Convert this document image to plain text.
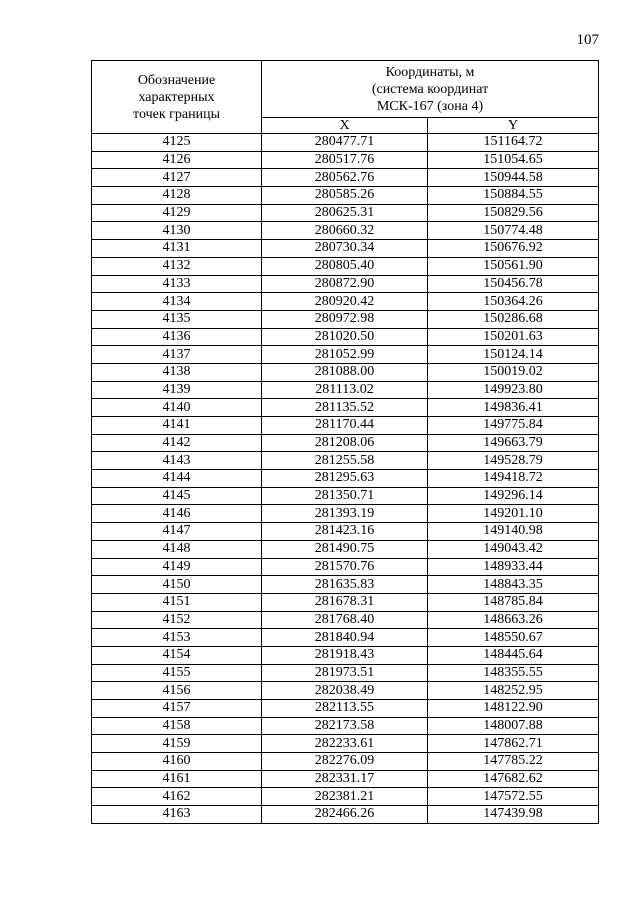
107
Обозначение
характерных
точек границы	Координаты, м
(система координат
МСК-167 (зона 4)	
	X	Y
4125	280477.71	151164.72
4126	280517.76	151054.65
4127	280562.76	150944.58
4128	280585.26	150884.55
4129	280625.31	150829.56
4130	280660.32	150774.48
4131	280730.34	150676.92
4132	280805.40	150561.90
4133	280872.90	150456.78
4134	280920.42	150364.26
4135	280972.98	150286.68
4136	281020.50	150201.63
4137	281052.99	150124.14
4138	281088.00	150019.02
4139	281113.02	149923.80
4140	281135.52	149836.41
4141	281170.44	149775.84
4142	281208.06	149663.79
4143	281255.58	149528.79
4144	281295.63	149418.72
4145	281350.71	149296.14
4146	281393.19	149201.10
4147	281423.16	149140.98
4148	281490.75	149043.42
4149	281570.76	148933.44
4150	281635.83	148843.35
4151	281678.31	148785.84
4152	281768.40	148663.26
4153	281840.94	148550.67
4154	281918.43	148445.64
4155	281973.51	148355.55
4156	282038.49	148252.95
4157	282113.55	148122.90
4158	282173.58	148007.88
4159	282233.61	147862.71
4160	282276.09	147785.22
4161	282331.17	147682.62
4162	282381.21	147572.55
4163	282466.26	147439.98
